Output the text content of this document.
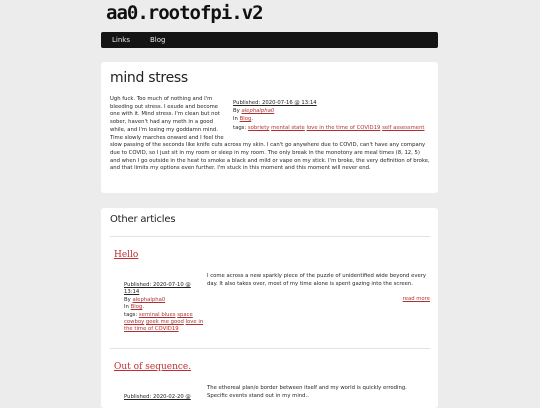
aa0.rootofpi.v2
Links	Blog
mind stress
Ugh fuck. Too much of nothing and I'm bleeding out stress. I exude and become one with it. Mind stress. I'm clean but not sober, haven't had any meth in a good while, and I'm losing my goddamn mind. Time slowly marches onward and I feel the
slow passing of the seconds like knife cuts across my skin. I can't go anywhere due to COVID, can't have any company due to COVID, so I just sit in my room or sleep in my room. The only break in the monotony are meal times (8, 12, 5) and when I go outside in the heat to smoke a black and mild or vape on my stick. I'm broke, the very definition of broke, and that limits my options even further. I'm stuck in this moment and this moment will never end.
Published: 2020-07-16 @ 13:14
By alephalpha0
In Blog.
tags: sobriety mental state love in the time of COVID19 self assessment
Other articles
Hello
Published: 2020-07-10 @ 13:14
By alephalpha0
In Blog.
tags: seminal blues space cowboy geek me good love in the time of COVID19
I come across a new sparkly piece of the puzzle of unidentified wide beyond every day. It also takes over, most of my time alone is spent gazing into the screen.
read more
Out of sequence.
The ethereal plan/e border between itself and my world is quickly erroding. Specific events stand out in my mind..
Published: 2020-02-20 @
